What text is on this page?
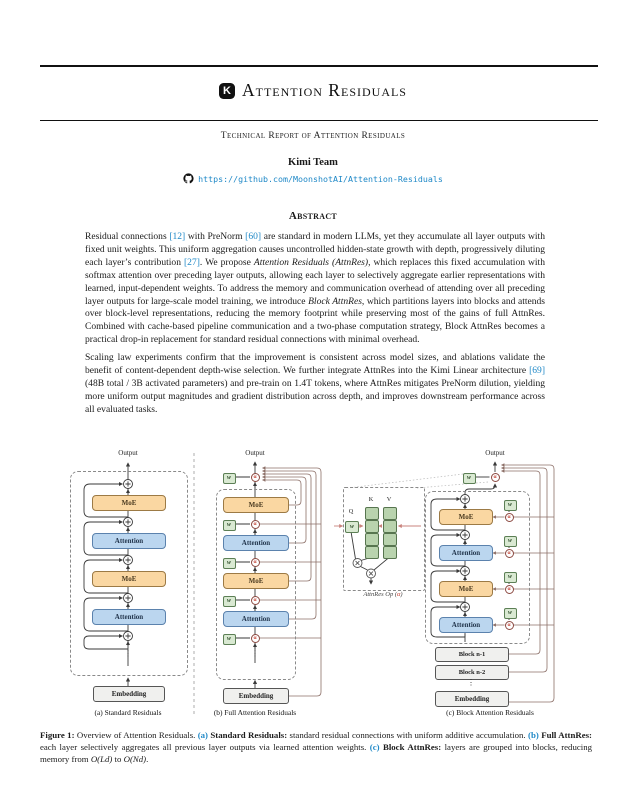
K Attention Residuals
Technical Report of Attention Residuals
Kimi Team
https://github.com/MoonshotAI/Attention-Residuals
Abstract

Residual connections [12] with PreNorm [60] are standard in modern LLMs, yet they accumulate all layer outputs with fixed unit weights. This uniform aggregation causes uncontrolled hidden-state growth with depth, progressively diluting each layer’s contribution [27]. We propose Attention Residuals (AttnRes), which replaces this fixed accumulation with softmax attention over preceding layer outputs, allowing each layer to selectively aggregate earlier representations with learned, input-dependent weights. To address the memory and communication overhead of attending over all preceding layer outputs for large-scale model training, we introduce Block AttnRes, which partitions layers into blocks and attends over block-level representations, reducing the memory footprint while preserving most of the gains of full AttnRes. Combined with cache-based pipeline communication and a two-phase computation strategy, Block AttnRes becomes a practical drop-in replacement for standard residual connections with minimal overhead.

Scaling law experiments confirm that the improvement is consistent across model sizes, and ablations validate the benefit of content-dependent depth-wise selection. We further integrate AttnRes into the Kimi Linear architecture [69] (48B total / 3B activated parameters) and pre-train on 1.4T tokens, where AttnRes mitigates PreNorm dilution, yielding more uniform output magnitudes and gradient distribution across depth, and improves downstream performance across all evaluated tasks.

Output
MoE
Attention
MoE
Attention
⋮
Embedding
(a) Standard Residuals
Output
w	α
MoE
w	α
Attention
w	α
MoE
w	α
Attention
w	α
⋮
Embedding
(b) Full Attention Residuals
Q
K	V
w
AttnRes Op (α)
Output
w	α
MoE
Attention
MoE
Attention
w
α
w
α
w
α
w
α
Block n-1
Block n-2
⋮
Embedding
(c) Block Attention Residuals
Figure 1: Overview of Attention Residuals. (a) Standard Residuals: standard residual connections with uniform additive accumulation. (b) Full AttnRes: each layer selectively aggregates all previous layer outputs via learned attention weights. (c) Block AttnRes: layers are grouped into blocks, reducing memory from O(Ld) to O(Nd).
